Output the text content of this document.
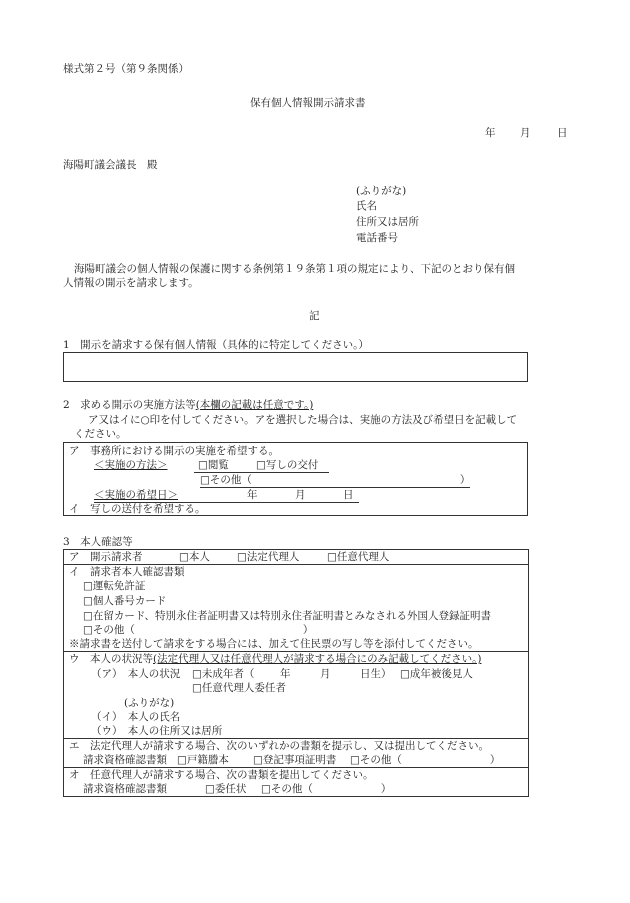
様式第２号（第９条関係）
保有個人情報開示請求書
年 月	日
海陽町議会議長　殿
(ふりがな)
氏名
住所又は居所
電話番号
海陽町議会の個人情報の保護に関する条例第１９条第１項の規定により、下記のとおり保有個
人情報の開示を請求します。
記
1　開示を請求する保有個人情報（具体的に特定してください。）
2　求める開示の実施方法等(本欄の記載は任意です。)
ア又はイに○印を付してください。アを選択した場合は、実施の方法及び希望日を記載して
ください。
ア　事務所における開示の実施を希望する。
＜実施の方法＞	□閲覧	□写しの交付
□その他（	）
＜実施の希望日＞	年	月	日
イ　写しの送付を希望する。
3　本人確認等
ア　開示請求者	□本人	□法定代理人	□任意代理人
イ　請求者本人確認書類
□運転免許証
□個人番号カード
□在留カード、特別永住者証明書又は特別永住者証明書とみなされる外国人登録証明書
□その他（	）
※請求書を送付して請求をする場合には、加えて住民票の写し等を添付してください。
ウ　本人の状況等(法定代理人又は任意代理人が請求する場合にのみ記載してください。)
（ア）　本人の状況 □未成年者（ 年	月	日生） □成年被後見人
□任意代理人委任者
(ふりがな)
（イ）　本人の氏名
（ウ）　本人の住所又は居所
エ　法定代理人が請求する場合、次のいずれかの書類を提示し、又は提出してください。
請求資格確認書類 □戸籍謄本 □登記事項証明書 □その他（	）
オ　任意代理人が請求する場合、次の書類を提出してください。
請求資格確認書類	□委任状 □その他（	）
